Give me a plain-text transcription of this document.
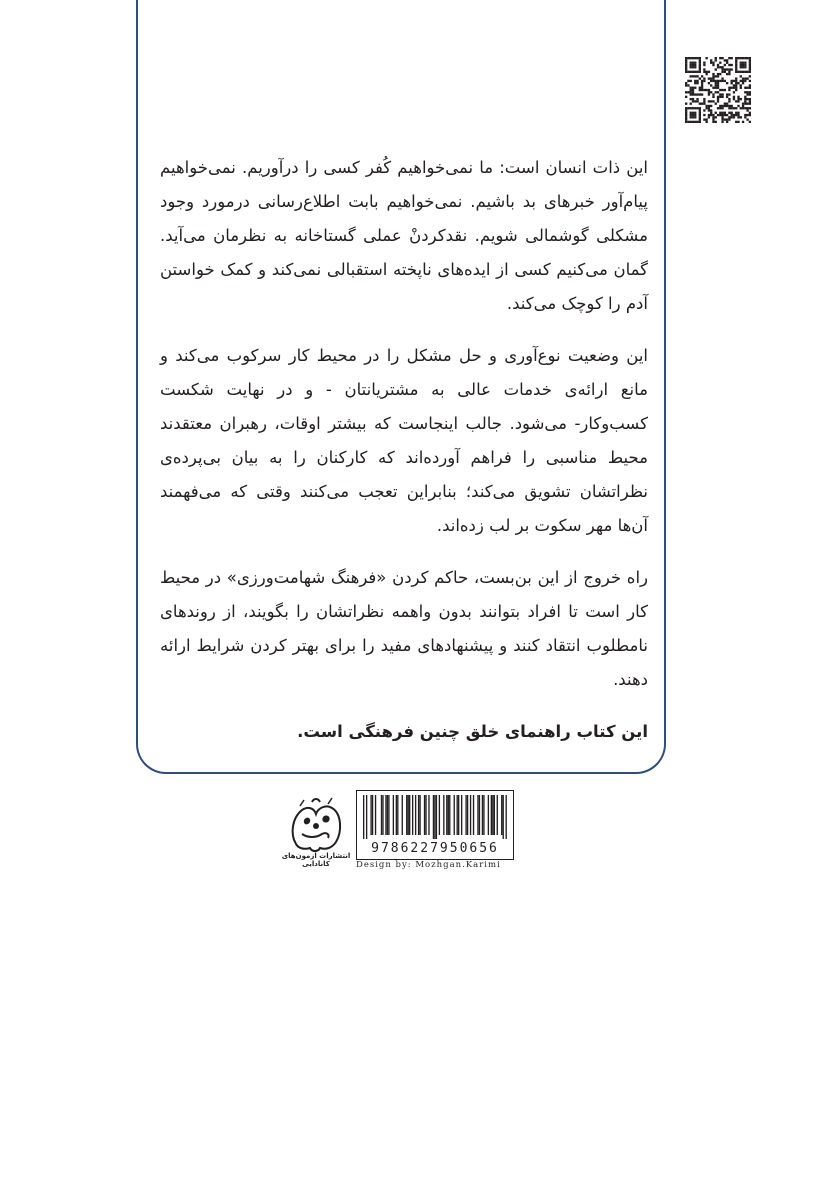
این ذات انسان است: ما نمی‌خواهیم کُفر کسی را درآوریم. نمی‌خواهیم پیام‌آور خبرهای بد باشیم. نمی‌خواهیم بابت اطلاع‌رسانی درمورد وجود مشکلی گوشمالی شویم. نقدکردنْ عملی گستاخانه به نظرمان می‌آید. گمان می‌کنیم کسی از ایده‌های ناپخته استقبالی نمی‌کند و کمک خواستن آدم را کوچک می‌کند.

این وضعیت نوع‌آوری و حل مشکل را در محیط کار سرکوب می‌کند و مانع ارائه‌ی خدمات عالی به مشتریانتان - و در نهایت شکست کسب‌وکار- می‌شود. جالب اینجاست که بیشتر اوقات، رهبران معتقدند محیط مناسبی را فراهم آورده‌اند که کارکنان را به بیان بی‌پرده‌ی نظراتشان تشویق می‌کند؛ بنابراین تعجب می‌کنند وقتی که می‌فهمند آن‌ها مهر سکوت بر لب زده‌اند.

راه خروج از این بن‌بست، حاکم کردن «فرهنگ شهامت‌ورزی» در محیط کار است تا افراد بتوانند بدون واهمه نظراتشان را بگویند، از روندهای نامطلوب انتقاد کنند و پیشنهادهای مفید را برای بهتر کردن شرایط ارائه دهند.

این کتاب راهنمای خلق چنین فرهنگی است.

انتشارات آزمون‌های کانادایی
9786227950656
Design by: Mozhgan.Karimi
